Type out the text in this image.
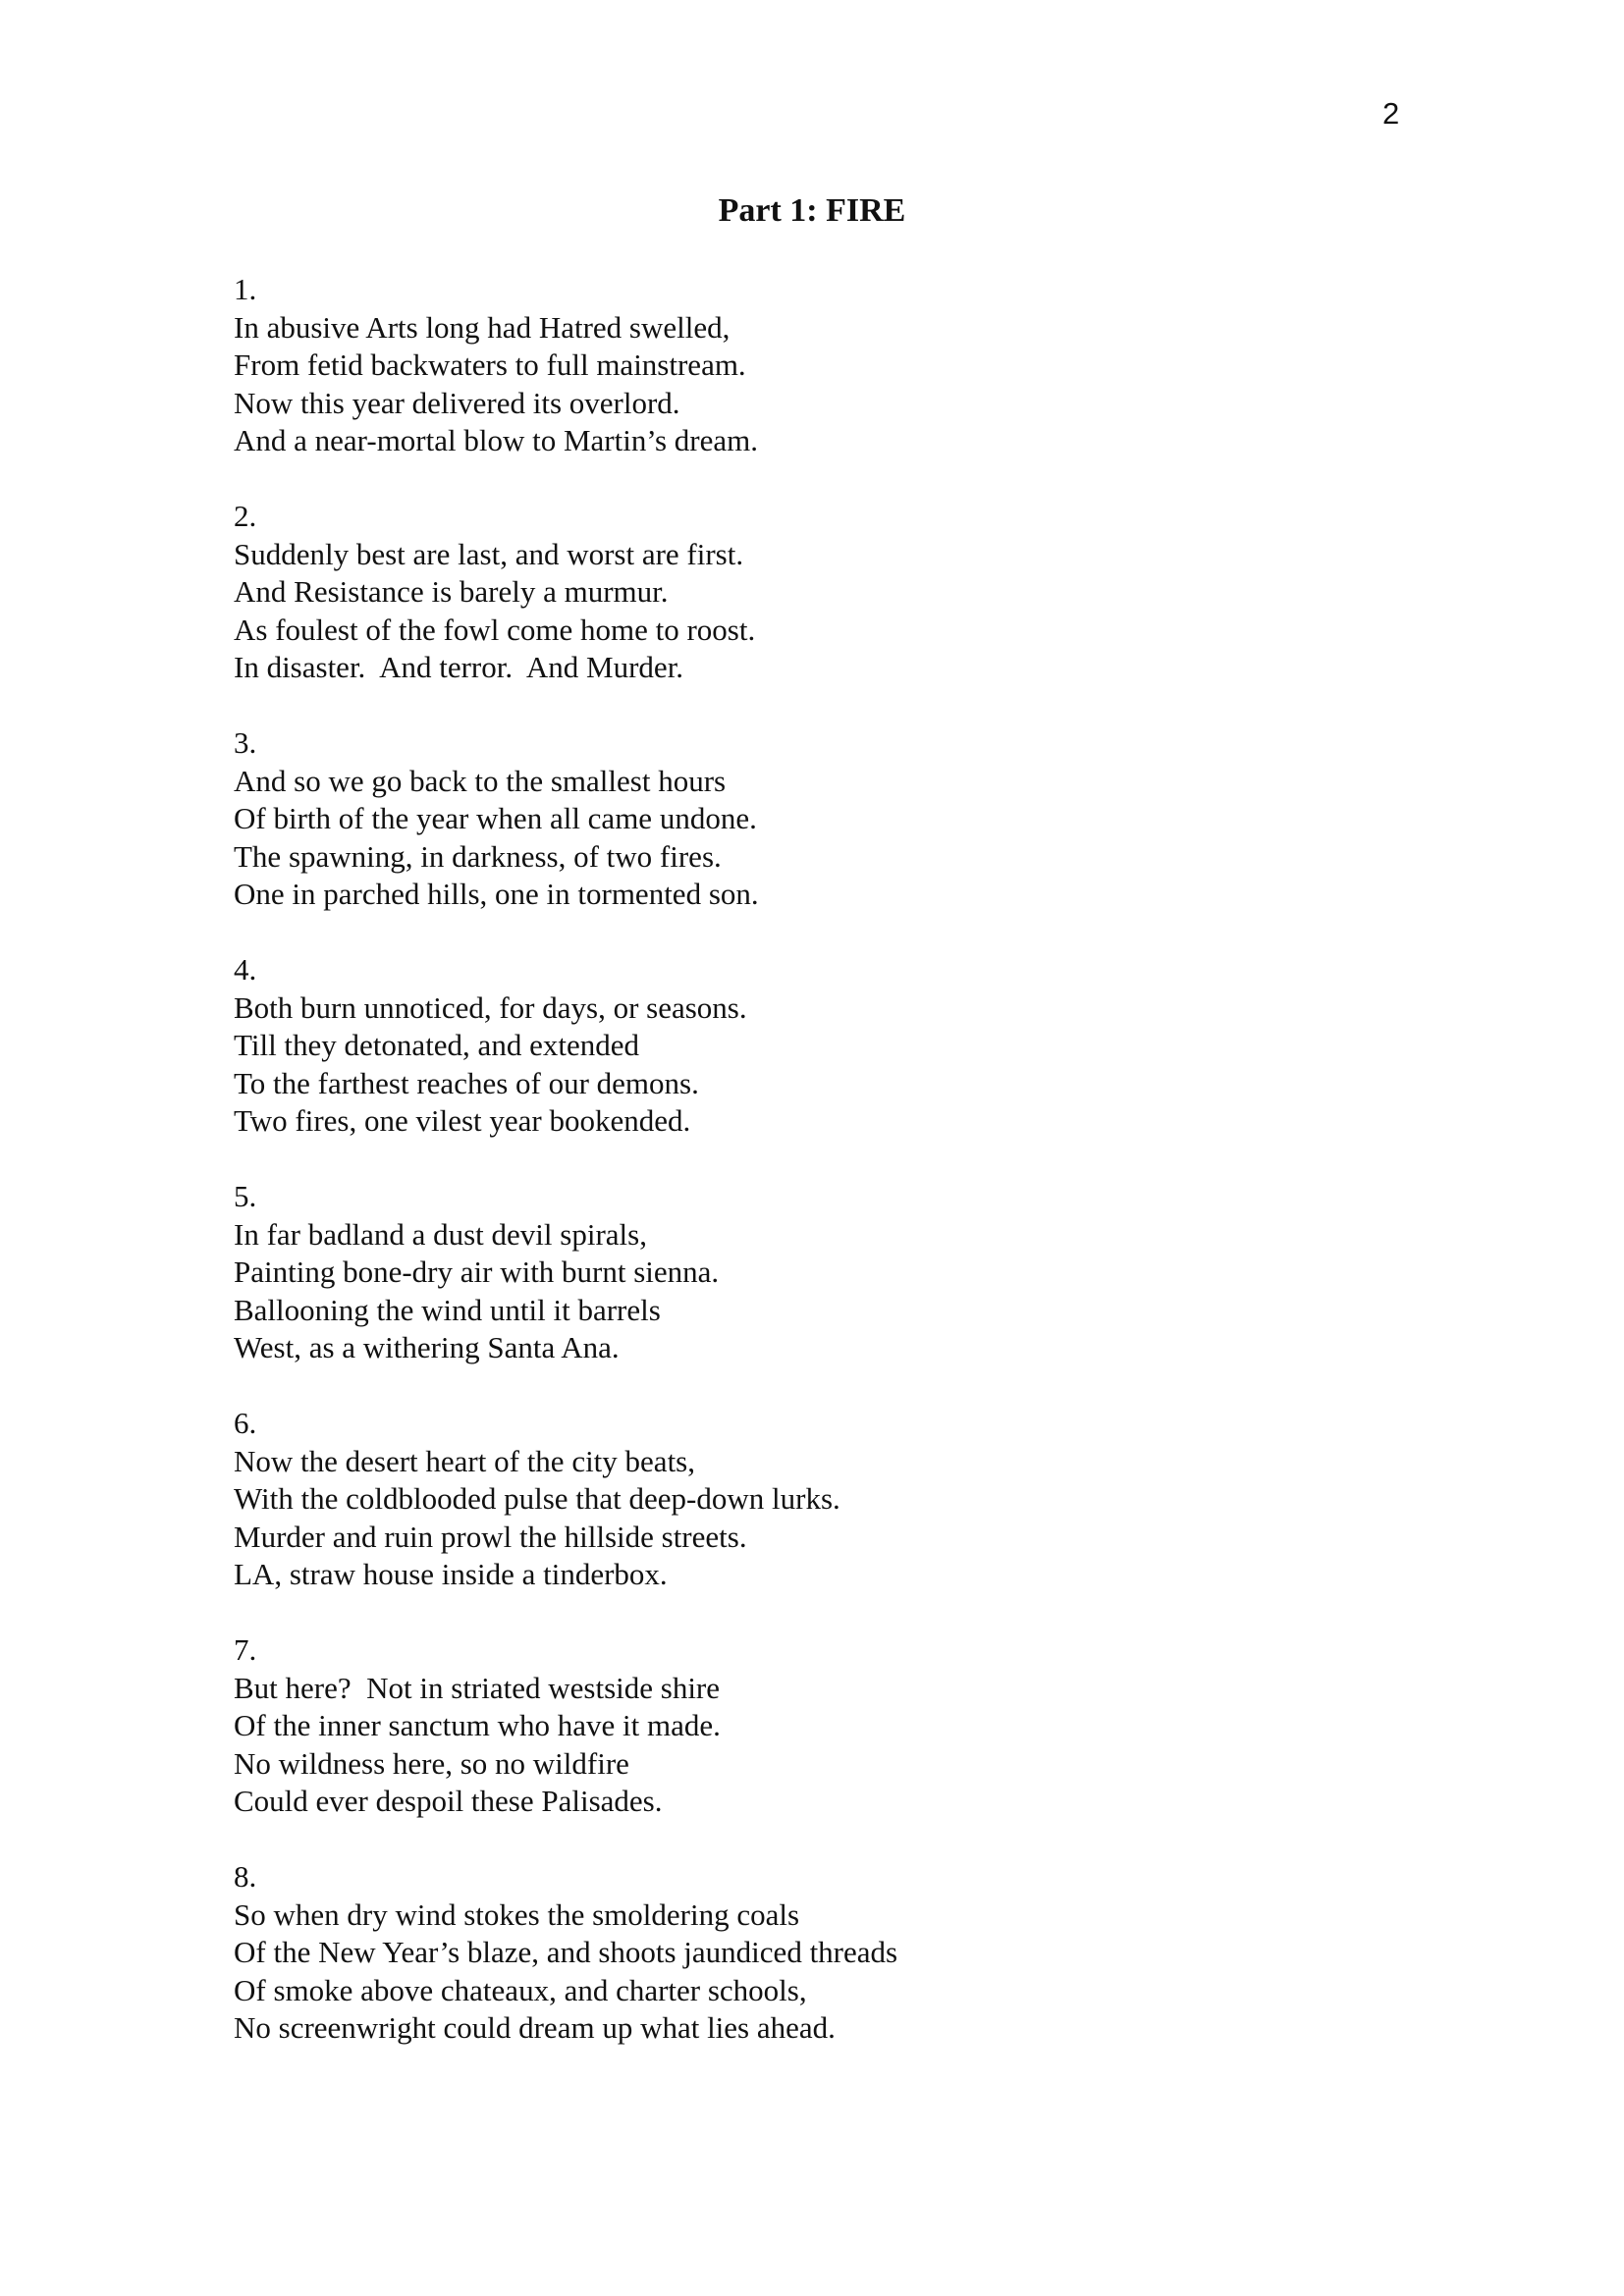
2
Part 1: FIRE
1.
In abusive Arts long had Hatred swelled,
From fetid backwaters to full mainstream.
Now this year delivered its overlord.
And a near-mortal blow to Martin’s dream.
2.
Suddenly best are last, and worst are first.
And Resistance is barely a murmur.
As foulest of the fowl come home to roost.
In disaster.  And terror.  And Murder.
3.
And so we go back to the smallest hours
Of birth of the year when all came undone.
The spawning, in darkness, of two fires.
One in parched hills, one in tormented son.
4.
Both burn unnoticed, for days, or seasons.
Till they detonated, and extended
To the farthest reaches of our demons.
Two fires, one vilest year bookended.
5.
In far badland a dust devil spirals,
Painting bone-dry air with burnt sienna.
Ballooning the wind until it barrels
West, as a withering Santa Ana.
6.
Now the desert heart of the city beats,
With the coldblooded pulse that deep-down lurks.
Murder and ruin prowl the hillside streets.
LA, straw house inside a tinderbox.
7.
But here?  Not in striated westside shire
Of the inner sanctum who have it made.
No wildness here, so no wildfire
Could ever despoil these Palisades.
8.
So when dry wind stokes the smoldering coals
Of the New Year’s blaze, and shoots jaundiced threads
Of smoke above chateaux, and charter schools,
No screenwright could dream up what lies ahead.
